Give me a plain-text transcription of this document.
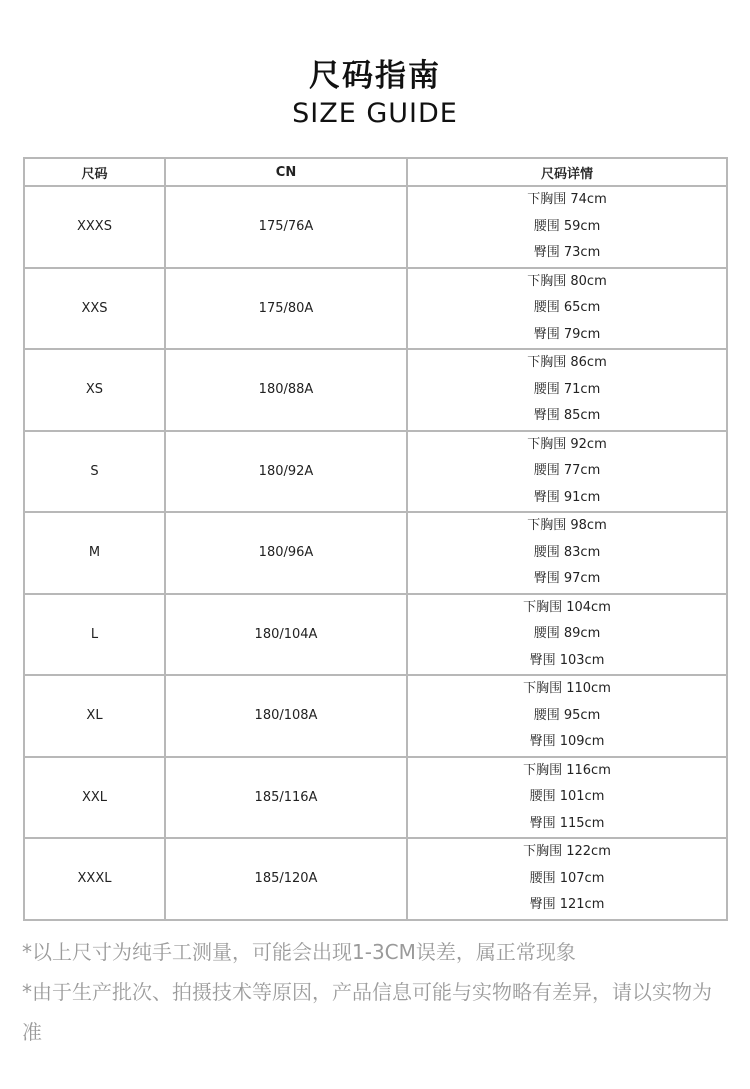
尺码指南
SIZE GUIDE
尺码	CN	尺码详情
XXXS	175/76A	下胸围 74cm
腰围 59cm
臀围 73cm

XXS	175/80A	下胸围 80cm
腰围 65cm
臀围 79cm

XS	180/88A	下胸围 86cm
腰围 71cm
臀围 85cm

S	180/92A	下胸围 92cm
腰围 77cm
臀围 91cm

M	180/96A	下胸围 98cm
腰围 83cm
臀围 97cm

L	180/104A	下胸围 104cm
腰围 89cm
臀围 103cm

XL	180/108A	下胸围 110cm
腰围 95cm
臀围 109cm

XXL	185/116A	下胸围 116cm
腰围 101cm
臀围 115cm

XXXL	185/120A	下胸围 122cm
腰围 107cm
臀围 121cm

*以上尺寸为纯手工测量，可能会出现1-3CM误差，属正常现象

*由于生产批次、拍摄技术等原因，产品信息可能与实物略有差异，请以实物为准
